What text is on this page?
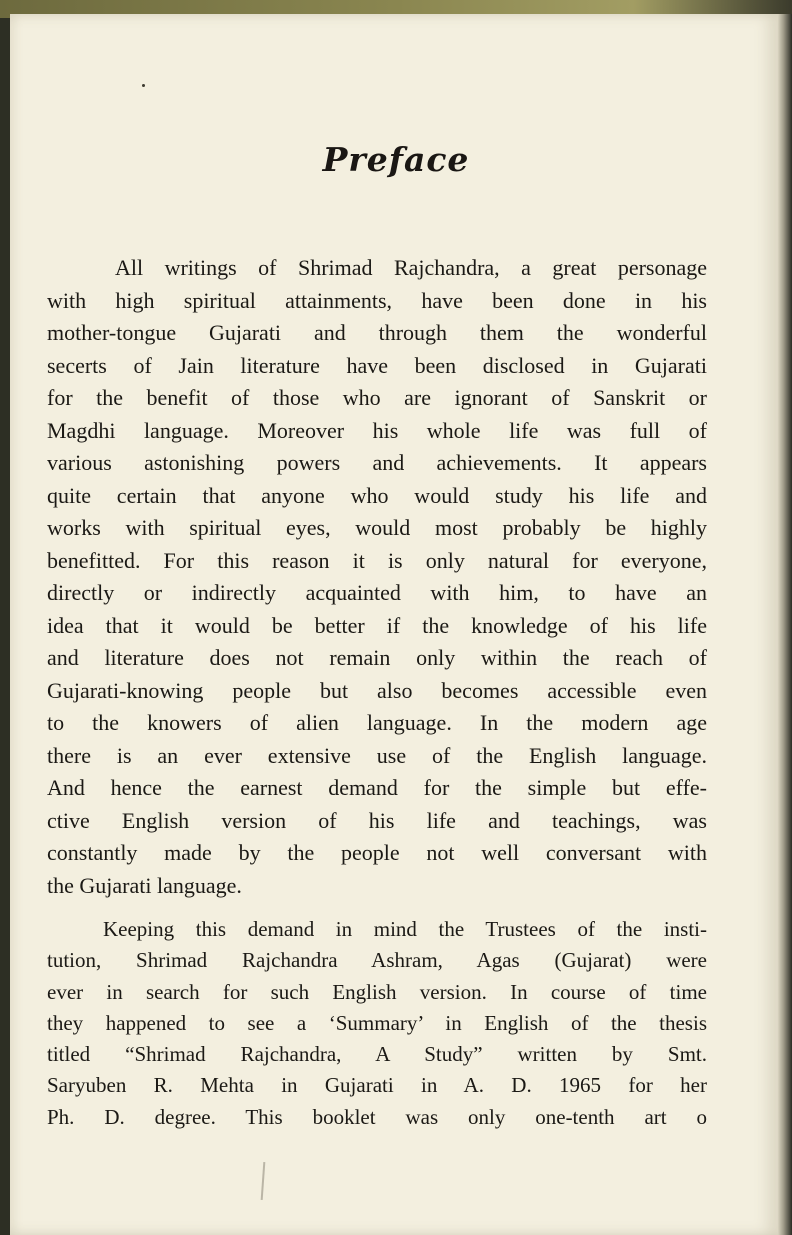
Preface
All writings of Shrimad Rajchandra, a great personage
with high spiritual attainments, have been done in his
mother-tongue Gujarati and through them the wonderful
secerts of Jain literature have been disclosed in Gujarati
for the benefit of those who are ignorant of Sanskrit or
Magdhi language. Moreover his whole life was full of
various astonishing powers and achievements. It appears
quite certain that anyone who would study his life and
works with spiritual eyes, would most probably be highly
benefitted. For this reason it is only natural for everyone,
directly or indirectly acquainted with him, to have an
idea that it would be better if the knowledge of his life
and literature does not remain only within the reach of
Gujarati-knowing people but also becomes accessible even
to the knowers of alien language. In the modern age
there is an ever extensive use of the English language.
And hence the earnest demand for the simple but effe-
ctive English version of his life and teachings, was
constantly made by the people not well conversant with
the Gujarati language.
Keeping this demand in mind the Trustees of the insti-
tution, Shrimad Rajchandra Ashram, Agas (Gujarat) were
ever in search for such English version. In course of time
they happened to see a ‘Summary’ in English of the thesis
titled “Shrimad Rajchandra, A Study” written by Smt.
Saryuben R. Mehta in Gujarati in A. D. 1965 for her
Ph. D. degree. This booklet was only one-tenth art o
